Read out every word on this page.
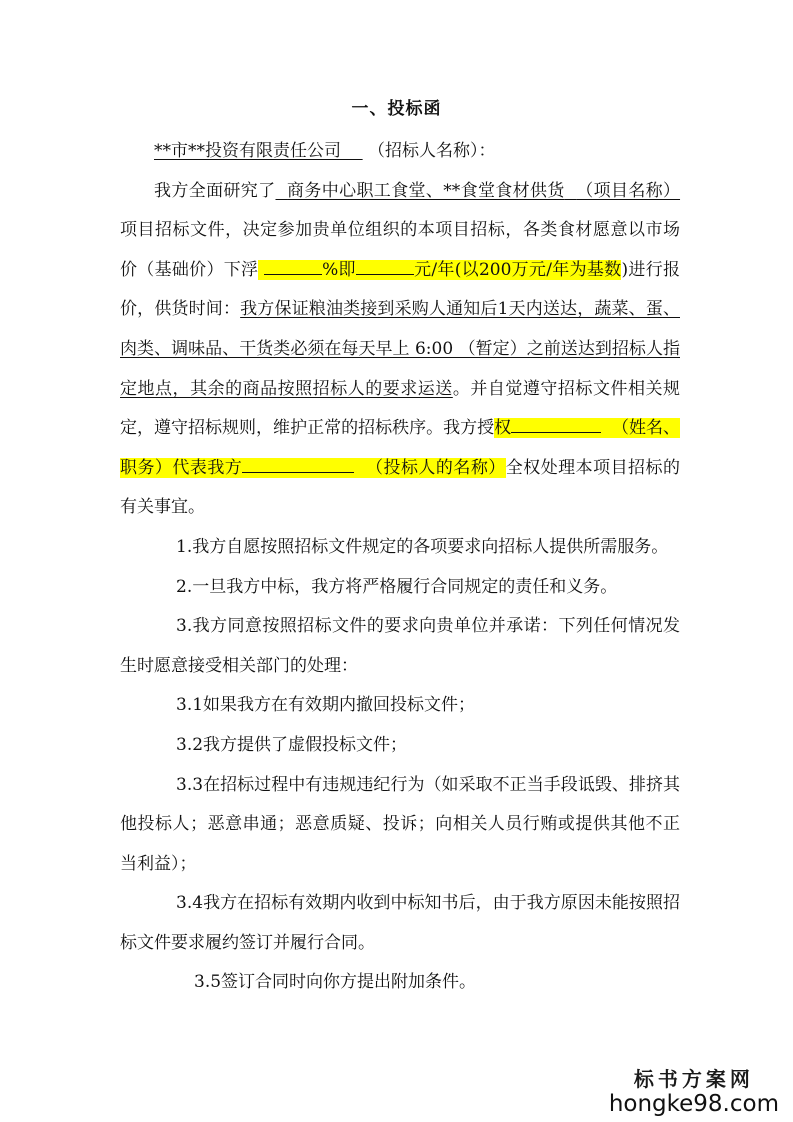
一、投标函

**市**投资有限责任公司 （招标人名称）：

我方全面研究了 商务中心职工食堂、**食堂食材供货 （项目名称）项目招标文件，决定参加贵单位组织的本项目招标，各类食材愿意以市场价（基础价）下浮	%即	元/年(以200万元/年为基数)进行报价，供货时间：我方保证粮油类接到采购人通知后1天内送达，蔬菜、蛋、肉类、调味品、干货类必须在每天早上 6:00 （暂定）之前送达到招标人指定地点，其余的商品按照招标人的要求运送。并自觉遵守招标文件相关规定，遵守招标规则，维护正常的招标秩序。我方授权	（姓名、职务）代表我方	（投标人的名称）全权处理本项目招标的有关事宜。

1.我方自愿按照招标文件规定的各项要求向招标人提供所需服务。

2.一旦我方中标，我方将严格履行合同规定的责任和义务。

3.我方同意按照招标文件的要求向贵单位并承诺：下列任何情况发生时愿意接受相关部门的处理：

3.1如果我方在有效期内撤回投标文件；

3.2我方提供了虚假投标文件；

3.3在招标过程中有违规违纪行为（如采取不正当手段诋毁、排挤其他投标人；恶意串通；恶意质疑、投诉；向相关人员行贿或提供其他不正当利益）；

3.4我方在招标有效期内收到中标知书后，由于我方原因未能按照招标文件要求履约签订并履行合同。

3.5签订合同时向你方提出附加条件。

标书方案网
hongke98.com
